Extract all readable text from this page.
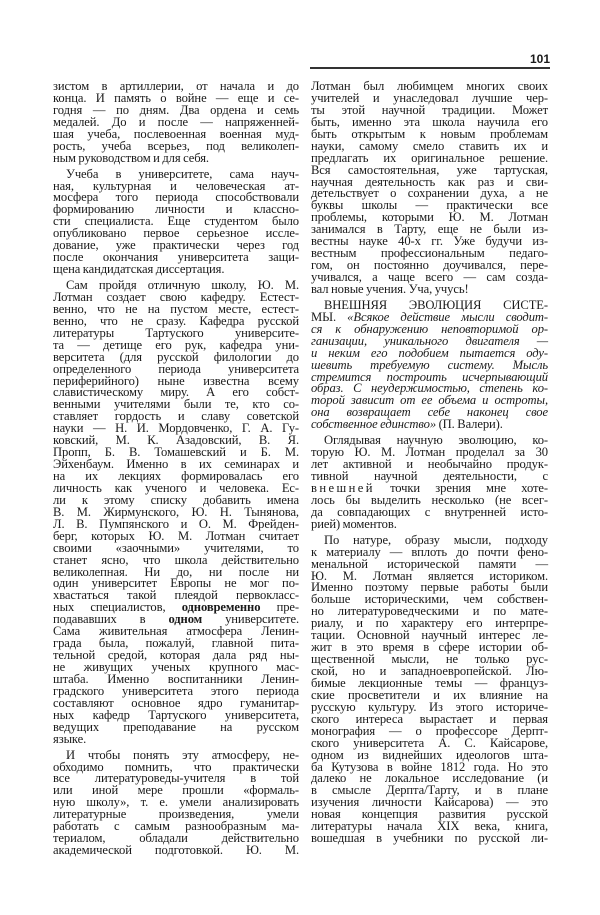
101
зистом в артиллерии, от начала и до
конца. И память о войне — еще и се-
годня — по дням. Два ордена и семь
медалей. До и после — напряженней-
шая учеба, послевоенная военная муд-
рость, учеба всерьез, под великолеп-
ным руководством и для себя.
Учеба в университете, сама науч-
ная, культурная и человеческая ат-
мосфера того периода способствовали
формированию личности и классно-
сти специалиста. Еще студентом было
опубликовано первое серьезное иссле-
дование, уже практически через год
после окончания университета защи-
щена кандидатская диссертация.
Сам пройдя отличную школу, Ю. М.
Лотман создает свою кафедру. Естест-
венно, что не на пустом месте, естест-
венно, что не сразу. Кафедра русской
литературы Тартуского университе-
та — детище его рук, кафедра уни-
верситета (для русской филологии до
определенного периода университета
периферийного) ныне известна всему
славистическому миру. А его собст-
венными учителями были те, кто со-
ставляет гордость и славу советской
науки — Н. И. Мордовченко, Г. А. Гу-
ковский, М. К. Азадовский, В. Я.
Пропп, Б. В. Томашевский и Б. М.
Эйхенбаум. Именно в их семинарах и
на их лекциях формировалась его
личность как ученого и человека. Ес-
ли к этому списку добавить имена
В. М. Жирмунского, Ю. Н. Тынянова,
Л. В. Пумпянского и О. М. Фрейден-
берг, которых Ю. М. Лотман считает
своими «заочными» учителями, то
станет ясно, что школа действительно
великолепная. Ни до, ни после ни
один университет Европы не мог по-
хвастаться такой плеядой первокласс-
ных специалистов, одновременно пре-
подававших в одном университете.
Сама живительная атмосфера Ленин-
града была, пожалуй, главной пита-
тельной средой, которая дала ряд ны-
не живущих ученых крупного мас-
штаба. Именно воспитанники Ленин-
градского университета этого периода
составляют основное ядро гуманитар-
ных кафедр Тартуского университета,
ведущих преподавание на русском
языке.
И чтобы понять эту атмосферу, не-
обходимо помнить, что практически
все литературоведы-учителя в той
или иной мере прошли «формаль-
ную школу», т. е. умели анализировать
литературные произведения, умели
работать с самым разнообразным ма-
териалом, обладали действительно
академической подготовкой. Ю. М.
Лотман был любимцем многих своих
учителей и унаследовал лучшие чер-
ты этой научной традиции. Может
быть, именно эта школа научила его
быть открытым к новым проблемам
науки, самому смело ставить их и
предлагать их оригинальное решение.
Вся самостоятельная, уже тартуская,
научная деятельность как раз и сви-
детельствует о сохранении духа, а не
буквы школы — практически все
проблемы, которыми Ю. М. Лотман
занимался в Тарту, еще не были из-
вестны науке 40-х гг. Уже будучи из-
вестным профессиональным педаго-
гом, он постоянно доучивался, пере-
учивался, а чаще всего — сам созда-
вал новые учения. Уча, учусь!
ВНЕШНЯЯ ЭВОЛЮЦИЯ СИСТЕ-
МЫ. «Всякое действие мысли сводит-
ся к обнаружению неповторимой ор-
ганизации, уникального двигателя —
и неким его подобием пытается оду-
шевить требуемую систему. Мысль
стремится построить исчерпывающий
образ. С неудержимостью, степень ко-
торой зависит от ее объема и остроты,
она возвращает себе наконец свое
собственное единство» (П. Валери).
Оглядывая научную эволюцию, ко-
торую Ю. М. Лотман проделал за 30
лет активной и необычайно продук-
тивной научной деятельности, с
внешней точки зрения мне хоте-
лось бы выделить несколько (не всег-
да совпадающих с внутренней исто-
рией) моментов.
По натуре, образу мысли, подходу
к материалу — вплоть до почти фено-
менальной исторической памяти —
Ю. М. Лотман является историком.
Именно поэтому первые работы были
больше историческими, чем собствен-
но литературоведческими и по мате-
риалу, и по характеру его интерпре-
тации. Основной научный интерес ле-
жит в это время в сфере истории об-
щественной мысли, не только рус-
ской, но и западноевропейской. Лю-
бимые лекционные темы — француз-
ские просветители и их влияние на
русскую культуру. Из этого историче-
ского интереса вырастает и первая
монография — о профессоре Дерпт-
ского университета А. С. Кайсарове,
одном из виднейших идеологов шта-
ба Кутузова в войне 1812 года. Но это
далеко не локальное исследование (и
в смысле Дерпта/Тарту, и в плане
изучения личности Кайсарова) — это
новая концепция развития русской
литературы начала XIX века, книга,
вошедшая в учебники по русской ли-
